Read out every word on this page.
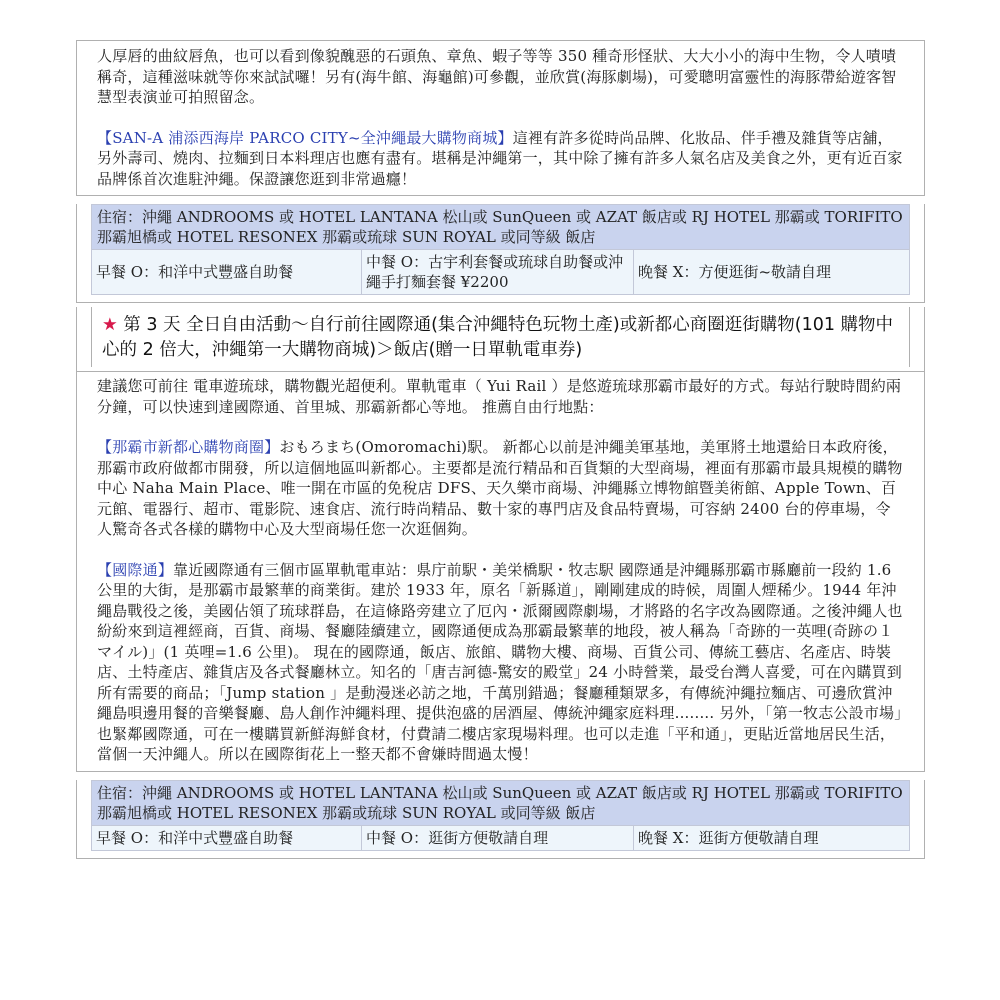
人厚唇的曲紋唇魚，也可以看到像貌醜惡的石頭魚、章魚、蝦子等等 350 種奇形怪狀、大大小小的海中生物，令人嘖嘖稱奇，這種滋味就等你來試試囉！另有(海牛館、海龜館)可參觀，並欣賞(海豚劇場)，可愛聰明富靈性的海豚帶給遊客智慧型表演並可拍照留念。

【SAN-A 浦添西海岸 PARCO CITY~全沖繩最大購物商城】這裡有許多從時尚品牌、化妝品、伴手禮及雜貨等店舖，另外壽司、燒肉、拉麵到日本料理店也應有盡有。堪稱是沖繩第一，其中除了擁有許多人氣名店及美食之外，更有近百家品牌係首次進駐沖繩。保證讓您逛到非常過癮！

住宿：沖繩 ANDROOMS 或 HOTEL LANTANA 松山或 SunQueen 或 AZAT 飯店或 RJ HOTEL 那霸或 TORIFITO 那霸旭橋或 HOTEL RESONEX 那霸或琉球 SUN ROYAL 或同等級 飯店
早餐 O：和洋中式豐盛自助餐	中餐 O：古宇利套餐或琉球自助餐或沖繩手打麵套餐 ¥2200	晚餐 X：方便逛街~敬請自理
★ 第 3 天 全日自由活動～自行前往國際通(集合沖繩特色玩物土產)或新都心商圈逛街購物(101 購物中心的 2 倍大，沖繩第一大購物商城)＞飯店(贈一日單軌電車券)

建議您可前往 電車遊琉球，購物觀光超便利。單軌電車（ Yui Rail ）是悠遊琉球那霸市最好的方式。每站行駛時間約兩分鐘，可以快速到達國際通、首里城、那霸新都心等地。 推薦自由行地點：

【那霸市新都心購物商圈】おもろまち(Omoromachi)駅。 新都心以前是沖繩美軍基地，美軍將土地還給日本政府後，那霸市政府做都市開發，所以這個地區叫新都心。主要都是流行精品和百貨類的大型商場，裡面有那霸市最具規模的購物中心 Naha Main Place、唯一開在市區的免稅店 DFS、天久樂市商場、沖繩縣立博物館暨美術館、Apple Town、百元館、電器行、超市、電影院、速食店、流行時尚精品、數十家的專門店及食品特賣場，可容納 2400 台的停車場，令人驚奇各式各樣的購物中心及大型商場任您一次逛個夠。

【國際通】靠近國際通有三個市區單軌電車站：県庁前駅・美栄橋駅・牧志駅 國際通是沖繩縣那霸市縣廳前一段約 1.6 公里的大街，是那霸市最繁華的商業街。建於 1933 年，原名「新縣道」，剛剛建成的時候，周圍人煙稀少。1944 年沖繩島戰役之後，美國佔領了琉球群島，在這條路旁建立了厄內・派爾國際劇場，才將路的名字改為國際通。之後沖繩人也紛紛來到這裡經商，百貨、商場、餐廳陸續建立，國際通便成為那霸最繁華的地段，被人稱為「奇跡的一英哩(奇跡の１マイル)」(1 英哩=1.6 公里)。 現在的國際通，飯店、旅館、購物大樓、商場、百貨公司、傳統工藝店、名產店、時裝店、土特產店、雜貨店及各式餐廳林立。知名的「唐吉訶德-驚安的殿堂」24 小時營業，最受台灣人喜愛，可在內購買到所有需要的商品；「Jump station 」是動漫迷必訪之地，千萬別錯過；餐廳種類眾多，有傳統沖繩拉麵店、可邊欣賞沖繩島唄邊用餐的音樂餐廳、島人創作沖繩料理、提供泡盛的居酒屋、傳統沖繩家庭料理........ 另外，「第一牧志公設市場」也緊鄰國際通，可在一樓購買新鮮海鮮食材，付費請二樓店家現場料理。也可以走進「平和通」，更貼近當地居民生活，當個一天沖繩人。所以在國際街花上一整天都不會嫌時間過太慢！

住宿：沖繩 ANDROOMS 或 HOTEL LANTANA 松山或 SunQueen 或 AZAT 飯店或 RJ HOTEL 那霸或 TORIFITO 那霸旭橋或 HOTEL RESONEX 那霸或琉球 SUN ROYAL 或同等級 飯店
早餐 O：和洋中式豐盛自助餐	中餐 O：逛街方便敬請自理	晚餐 X：逛街方便敬請自理
